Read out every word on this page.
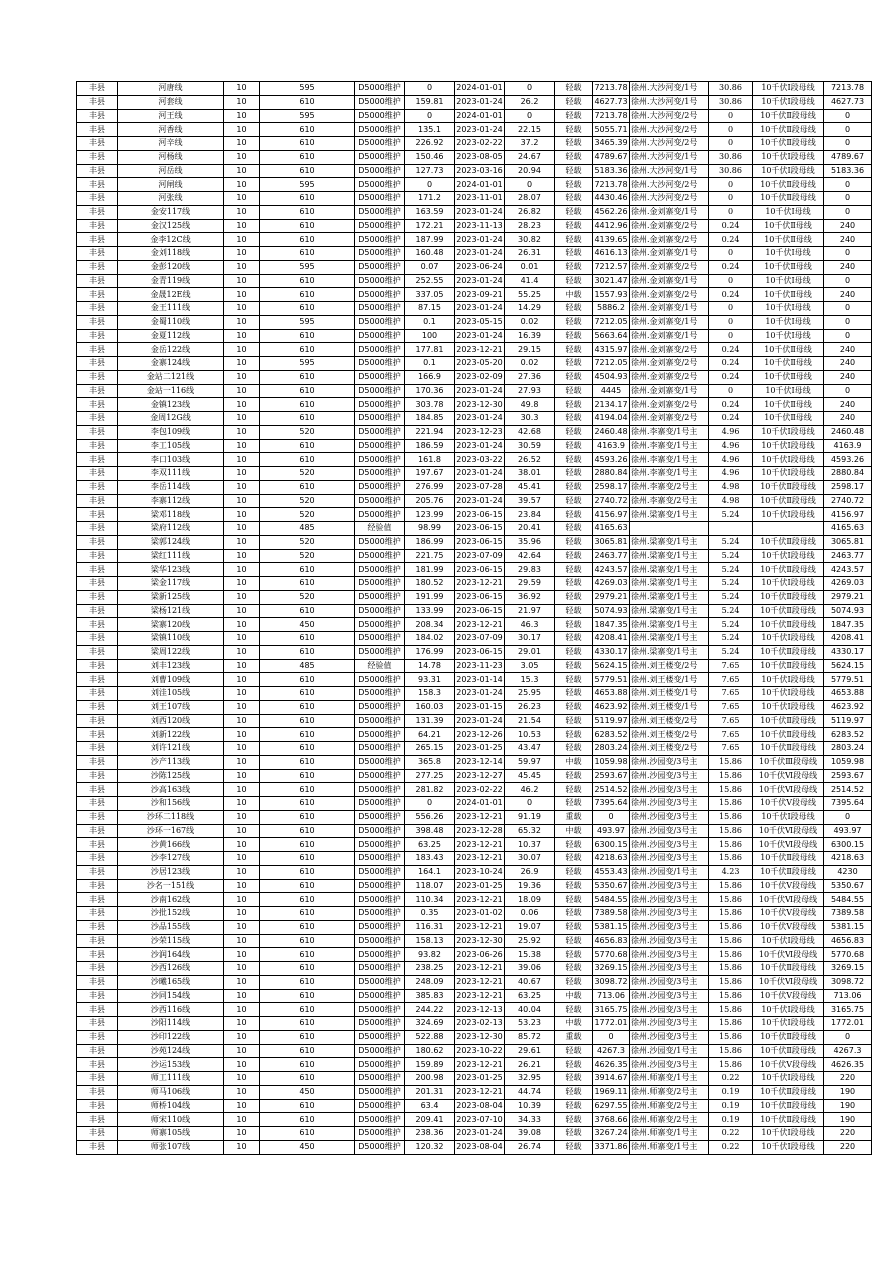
丰县	河唐线	10	595	D5000维护	0	2024-01-01	0	轻载	7213.78	徐州.大沙河变/1号	30.86	10千伏Ⅰ段母线	7213.78
丰县	河套线	10	610	D5000维护	159.81	2023-01-24	26.2	轻载	4627.73	徐州.大沙河变/1号	30.86	10千伏Ⅰ段母线	4627.73
丰县	河王线	10	595	D5000维护	0	2024-01-01	0	轻载	7213.78	徐州.大沙河变/2号	0	10千伏Ⅱ段母线	0
丰县	河香线	10	610	D5000维护	135.1	2023-01-24	22.15	轻载	5055.71	徐州.大沙河变/2号	0	10千伏Ⅱ段母线	0
丰县	河辛线	10	610	D5000维护	226.92	2023-02-22	37.2	轻载	3465.39	徐州.大沙河变/2号	0	10千伏Ⅱ段母线	0
丰县	河杨线	10	610	D5000维护	150.46	2023-08-05	24.67	轻载	4789.67	徐州.大沙河变/1号	30.86	10千伏Ⅰ段母线	4789.67
丰县	河岳线	10	610	D5000维护	127.73	2023-03-16	20.94	轻载	5183.36	徐州.大沙河变/1号	30.86	10千伏Ⅰ段母线	5183.36
丰县	河闸线	10	595	D5000维护	0	2024-01-01	0	轻载	7213.78	徐州.大沙河变/2号	0	10千伏Ⅱ段母线	0
丰县	河张线	10	610	D5000维护	171.2	2023-11-01	28.07	轻载	4430.46	徐州.大沙河变/2号	0	10千伏Ⅱ段母线	0
丰县	金安117线	10	610	D5000维护	163.59	2023-01-24	26.82	轻载	4562.26	徐州.金刘寨变/1号	0	10千伏Ⅰ母线	0
丰县	金汉125线	10	610	D5000维护	172.21	2023-11-13	28.23	轻载	4412.96	徐州.金刘寨变/2号	0.24	10千伏Ⅱ母线	240
丰县	金李12C线	10	610	D5000维护	187.99	2023-01-24	30.82	轻载	4139.65	徐州.金刘寨变/2号	0.24	10千伏Ⅱ母线	240
丰县	金刘118线	10	610	D5000维护	160.48	2023-01-24	26.31	轻载	4616.13	徐州.金刘寨变/1号	0	10千伏Ⅰ母线	0
丰县	金彭120线	10	595	D5000维护	0.07	2023-06-24	0.01	轻载	7212.57	徐州.金刘寨变/2号	0.24	10千伏Ⅱ母线	240
丰县	金青119线	10	610	D5000维护	252.55	2023-01-24	41.4	轻载	3021.47	徐州.金刘寨变/1号	0	10千伏Ⅰ母线	0
丰县	金晟12E线	10	610	D5000维护	337.05	2023-09-21	55.25	中载	1557.93	徐州.金刘寨变/2号	0.24	10千伏Ⅱ母线	240
丰县	金王111线	10	610	D5000维护	87.15	2023-01-24	14.29	轻载	5886.2	徐州.金刘寨变/1号	0	10千伏Ⅰ母线	0
丰县	金蜀110线	10	595	D5000维护	0.1	2023-05-15	0.02	轻载	7212.05	徐州.金刘寨变/1号	0	10千伏Ⅰ母线	0
丰县	金夏112线	10	610	D5000维护	100	2023-01-24	16.39	轻载	5663.64	徐州.金刘寨变/1号	0	10千伏Ⅰ母线	0
丰县	金岳122线	10	610	D5000维护	177.81	2023-12-21	29.15	轻载	4315.97	徐州.金刘寨变/2号	0.24	10千伏Ⅱ母线	240
丰县	金寨124线	10	595	D5000维护	0.1	2023-05-20	0.02	轻载	7212.05	徐州.金刘寨变/2号	0.24	10千伏Ⅱ母线	240
丰县	金站二121线	10	610	D5000维护	166.9	2023-02-09	27.36	轻载	4504.93	徐州.金刘寨变/2号	0.24	10千伏Ⅱ母线	240
丰县	金站一116线	10	610	D5000维护	170.36	2023-01-24	27.93	轻载	4445	徐州.金刘寨变/1号	0	10千伏Ⅰ母线	0
丰县	金镇123线	10	610	D5000维护	303.78	2023-12-30	49.8	轻载	2134.17	徐州.金刘寨变/2号	0.24	10千伏Ⅱ母线	240
丰县	金周12G线	10	610	D5000维护	184.85	2023-01-24	30.3	轻载	4194.04	徐州.金刘寨变/2号	0.24	10千伏Ⅱ母线	240
丰县	李包109线	10	520	D5000维护	221.94	2023-12-23	42.68	轻载	2460.48	徐州.李寨变/1号主	4.96	10千伏Ⅰ段母线	2460.48
丰县	李工105线	10	610	D5000维护	186.59	2023-01-24	30.59	轻载	4163.9	徐州.李寨变/1号主	4.96	10千伏Ⅰ段母线	4163.9
丰县	李口103线	10	610	D5000维护	161.8	2023-03-22	26.52	轻载	4593.26	徐州.李寨变/1号主	4.96	10千伏Ⅰ段母线	4593.26
丰县	李双111线	10	520	D5000维护	197.67	2023-01-24	38.01	轻载	2880.84	徐州.李寨变/1号主	4.96	10千伏Ⅰ段母线	2880.84
丰县	李岳114线	10	610	D5000维护	276.99	2023-07-28	45.41	轻载	2598.17	徐州.李寨变/2号主	4.98	10千伏Ⅱ段母线	2598.17
丰县	李寨112线	10	520	D5000维护	205.76	2023-01-24	39.57	轻载	2740.72	徐州.李寨变/2号主	4.98	10千伏Ⅱ段母线	2740.72
丰县	梁邓118线	10	520	D5000维护	123.99	2023-06-15	23.84	轻载	4156.97	徐州.梁寨变/1号主	5.24	10千伏Ⅰ段母线	4156.97
丰县	梁府112线	10	485	经验值	98.99	2023-06-15	20.41	轻载	4165.63				4165.63
丰县	梁郭124线	10	520	D5000维护	186.99	2023-06-15	35.96	轻载	3065.81	徐州.梁寨变/1号主	5.24	10千伏Ⅱ段母线	3065.81
丰县	梁红111线	10	520	D5000维护	221.75	2023-07-09	42.64	轻载	2463.77	徐州.梁寨变/1号主	5.24	10千伏Ⅰ段母线	2463.77
丰县	梁华123线	10	610	D5000维护	181.99	2023-06-15	29.83	轻载	4243.57	徐州.梁寨变/1号主	5.24	10千伏Ⅱ段母线	4243.57
丰县	梁金117线	10	610	D5000维护	180.52	2023-12-21	29.59	轻载	4269.03	徐州.梁寨变/1号主	5.24	10千伏Ⅰ段母线	4269.03
丰县	梁新125线	10	520	D5000维护	191.99	2023-06-15	36.92	轻载	2979.21	徐州.梁寨变/1号主	5.24	10千伏Ⅱ段母线	2979.21
丰县	梁杨121线	10	610	D5000维护	133.99	2023-06-15	21.97	轻载	5074.93	徐州.梁寨变/1号主	5.24	10千伏Ⅱ段母线	5074.93
丰县	梁寨120线	10	450	D5000维护	208.34	2023-12-21	46.3	轻载	1847.35	徐州.梁寨变/1号主	5.24	10千伏Ⅱ段母线	1847.35
丰县	梁镇110线	10	610	D5000维护	184.02	2023-07-09	30.17	轻载	4208.41	徐州.梁寨变/1号主	5.24	10千伏Ⅰ段母线	4208.41
丰县	梁周122线	10	610	D5000维护	176.99	2023-06-15	29.01	轻载	4330.17	徐州.梁寨变/1号主	5.24	10千伏Ⅱ段母线	4330.17
丰县	刘丰123线	10	485	经验值	14.78	2023-11-23	3.05	轻载	5624.15	徐州.刘王楼变/2号	7.65	10千伏Ⅱ段母线	5624.15
丰县	刘曹109线	10	610	D5000维护	93.31	2023-01-14	15.3	轻载	5779.51	徐州.刘王楼变/1号	7.65	10千伏Ⅰ段母线	5779.51
丰县	刘洼105线	10	610	D5000维护	158.3	2023-01-24	25.95	轻载	4653.88	徐州.刘王楼变/1号	7.65	10千伏Ⅰ段母线	4653.88
丰县	刘王107线	10	610	D5000维护	160.03	2023-01-15	26.23	轻载	4623.92	徐州.刘王楼变/1号	7.65	10千伏Ⅰ段母线	4623.92
丰县	刘西120线	10	610	D5000维护	131.39	2023-01-24	21.54	轻载	5119.97	徐州.刘王楼变/2号	7.65	10千伏Ⅱ段母线	5119.97
丰县	刘新122线	10	610	D5000维护	64.21	2023-12-26	10.53	轻载	6283.52	徐州.刘王楼变/2号	7.65	10千伏Ⅱ段母线	6283.52
丰县	刘许121线	10	610	D5000维护	265.15	2023-01-25	43.47	轻载	2803.24	徐州.刘王楼变/2号	7.65	10千伏Ⅱ段母线	2803.24
丰县	沙产113线	10	610	D5000维护	365.8	2023-12-14	59.97	中载	1059.98	徐州.沙园变/3号主	15.86	10千伏Ⅲ段母线	1059.98
丰县	沙陈125线	10	610	D5000维护	277.25	2023-12-27	45.45	轻载	2593.67	徐州.沙园变/3号主	15.86	10千伏Ⅵ段母线	2593.67
丰县	沙高163线	10	610	D5000维护	281.82	2023-02-22	46.2	轻载	2514.52	徐州.沙园变/3号主	15.86	10千伏Ⅵ段母线	2514.52
丰县	沙和156线	10	610	D5000维护	0	2024-01-01	0	轻载	7395.64	徐州.沙园变/3号主	15.86	10千伏Ⅴ段母线	7395.64
丰县	沙环二118线	10	610	D5000维护	556.26	2023-12-21	91.19	重载	0	徐州.沙园变/3号主	15.86	10千伏Ⅰ段母线	0
丰县	沙环一167线	10	610	D5000维护	398.48	2023-12-28	65.32	中载	493.97	徐州.沙园变/3号主	15.86	10千伏Ⅵ段母线	493.97
丰县	沙黄166线	10	610	D5000维护	63.25	2023-12-21	10.37	轻载	6300.15	徐州.沙园变/3号主	15.86	10千伏Ⅵ段母线	6300.15
丰县	沙李127线	10	610	D5000维护	183.43	2023-12-21	30.07	轻载	4218.63	徐州.沙园变/3号主	15.86	10千伏Ⅱ段母线	4218.63
丰县	沙居123线	10	610	D5000维护	164.1	2023-10-24	26.9	轻载	4553.43	徐州.沙园变/1号主	4.23	10千伏Ⅱ段母线	4230
丰县	沙名一151线	10	610	D5000维护	118.07	2023-01-25	19.36	轻载	5350.67	徐州.沙园变/3号主	15.86	10千伏Ⅴ段母线	5350.67
丰县	沙南162线	10	610	D5000维护	110.34	2023-12-21	18.09	轻载	5484.55	徐州.沙园变/3号主	15.86	10千伏Ⅵ段母线	5484.55
丰县	沙批152线	10	610	D5000维护	0.35	2023-01-02	0.06	轻载	7389.58	徐州.沙园变/3号主	15.86	10千伏Ⅴ段母线	7389.58
丰县	沙品155线	10	610	D5000维护	116.31	2023-12-21	19.07	轻载	5381.15	徐州.沙园变/3号主	15.86	10千伏Ⅴ段母线	5381.15
丰县	沙荣115线	10	610	D5000维护	158.13	2023-12-30	25.92	轻载	4656.83	徐州.沙园变/3号主	15.86	10千伏Ⅰ段母线	4656.83
丰县	沙润164线	10	610	D5000维护	93.82	2023-06-26	15.38	轻载	5770.68	徐州.沙园变/3号主	15.86	10千伏Ⅵ段母线	5770.68
丰县	沙西126线	10	610	D5000维护	238.25	2023-12-21	39.06	轻载	3269.15	徐州.沙园变/3号主	15.86	10千伏Ⅱ段母线	3269.15
丰县	沙曦165线	10	610	D5000维护	248.09	2023-12-21	40.67	轻载	3098.72	徐州.沙园变/3号主	15.86	10千伏Ⅵ段母线	3098.72
丰县	沙同154线	10	610	D5000维护	385.83	2023-12-21	63.25	中载	713.06	徐州.沙园变/3号主	15.86	10千伏Ⅴ段母线	713.06
丰县	沙西116线	10	610	D5000维护	244.22	2023-12-13	40.04	轻载	3165.75	徐州.沙园变/3号主	15.86	10千伏Ⅰ段母线	3165.75
丰县	沙阳114线	10	610	D5000维护	324.69	2023-02-13	53.23	中载	1772.01	徐州.沙园变/3号主	15.86	10千伏Ⅰ段母线	1772.01
丰县	沙印122线	10	610	D5000维护	522.88	2023-12-30	85.72	重载	0	徐州.沙园变/3号主	15.86	10千伏Ⅱ段母线	0
丰县	沙苑124线	10	610	D5000维护	180.62	2023-10-22	29.61	轻载	4267.3	徐州.沙园变/1号主	15.86	10千伏Ⅱ段母线	4267.3
丰县	沙运153线	10	610	D5000维护	159.89	2023-12-21	26.21	轻载	4626.35	徐州.沙园变/3号主	15.86	10千伏Ⅴ段母线	4626.35
丰县	师工111线	10	610	D5000维护	200.98	2023-01-25	32.95	轻载	3914.67	徐州.师寨变/1号主	0.22	10千伏Ⅰ段母线	220
丰县	师马106线	10	450	D5000维护	201.31	2023-12-21	44.74	轻载	1969.11	徐州.师寨变/2号主	0.19	10千伏Ⅱ段母线	190
丰县	师桥104线	10	610	D5000维护	63.4	2023-08-04	10.39	轻载	6297.55	徐州.师寨变/2号主	0.19	10千伏Ⅱ段母线	190
丰县	师宋110线	10	610	D5000维护	209.41	2023-07-10	34.33	轻载	3768.66	徐州.师寨变/2号主	0.19	10千伏Ⅱ段母线	190
丰县	师寨105线	10	610	D5000维护	238.36	2023-01-24	39.08	轻载	3267.24	徐州.师寨变/1号主	0.22	10千伏Ⅰ段母线	220
丰县	师张107线	10	450	D5000维护	120.32	2023-08-04	26.74	轻载	3371.86	徐州.师寨变/1号主	0.22	10千伏Ⅰ段母线	220
